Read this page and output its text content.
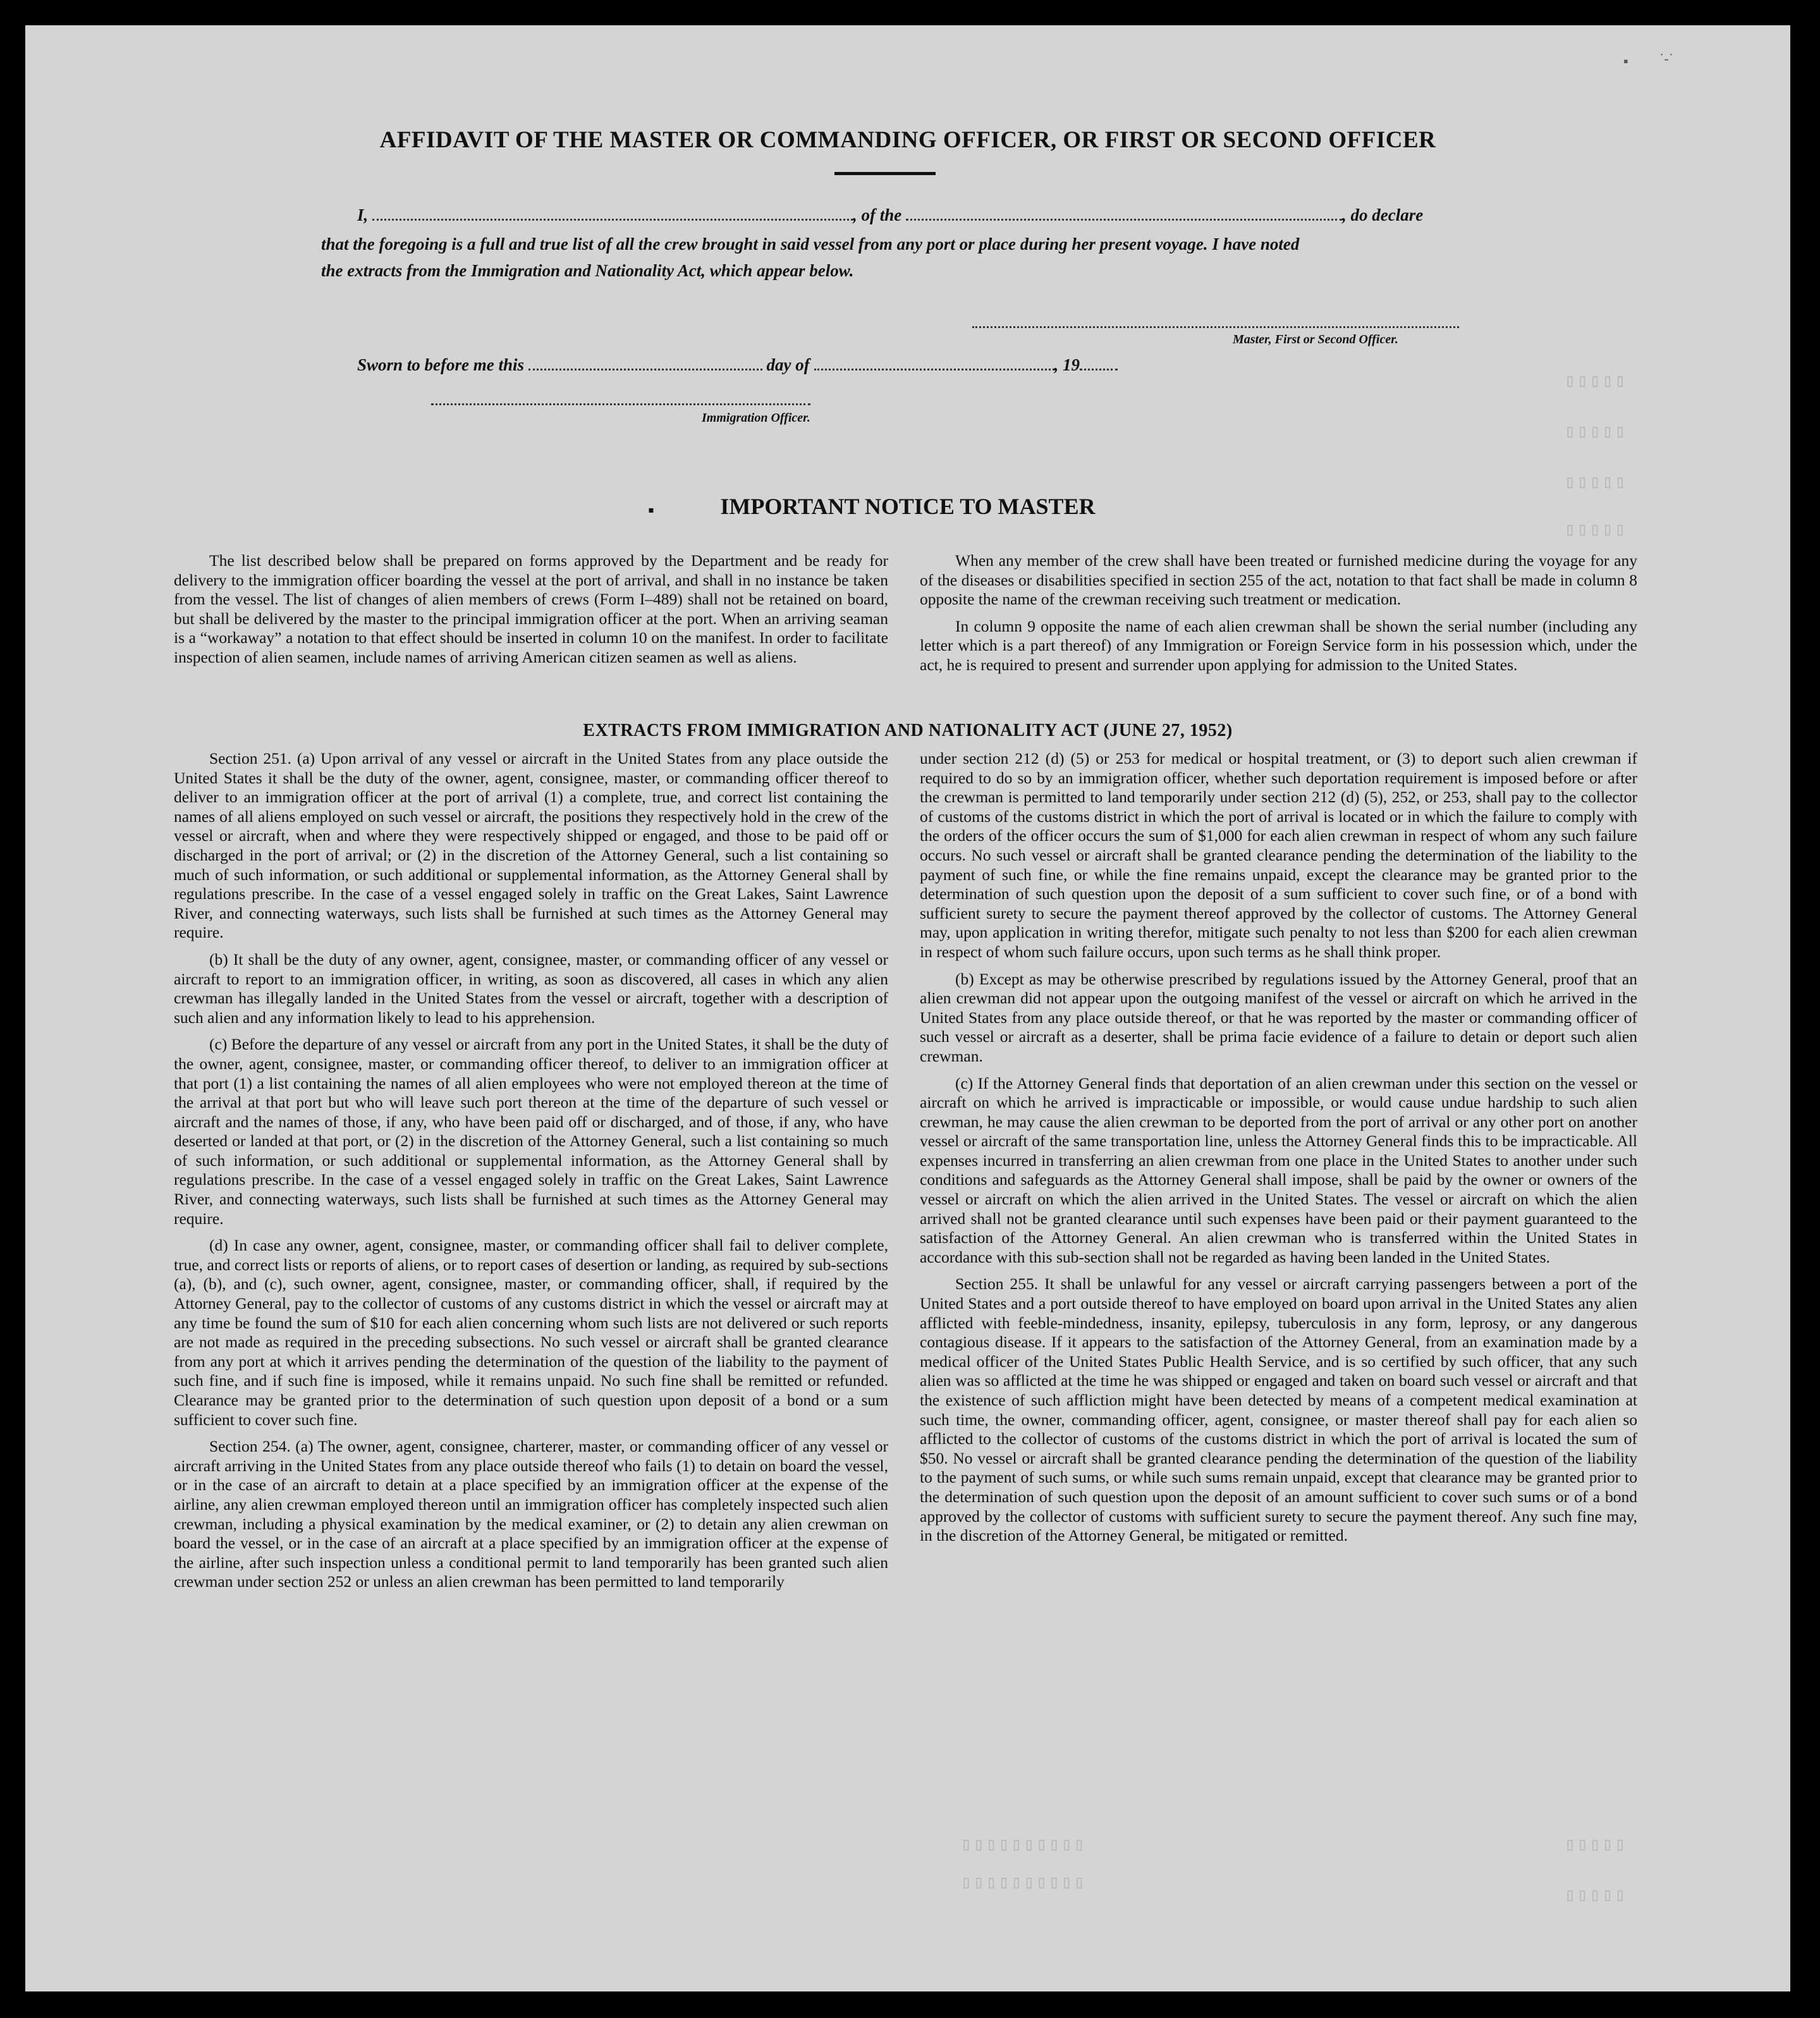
▯▯▯▯▯
▯▯▯▯▯
▯▯▯▯▯
▯▯▯▯▯
▯▯▯▯▯
▯▯▯▯▯
▯▯▯▯▯▯▯▯▯▯
▯▯▯▯▯▯▯▯▯▯
▪ ˙-˙
AFFIDAVIT OF THE MASTER OR COMMANDING OFFICER, OR FIRST OR SECOND OFFICER
I,	, of the	, do declare
that the foregoing is a full and true list of all the crew brought in said vessel from any port or place during her present voyage. I have noted
the extracts from the Immigration and Nationality Act, which appear below.
Master, First or Second Officer.
Sworn to before me this	day of	, 19
Immigration Officer.
▪	IMPORTANT NOTICE TO MASTER

The list described below shall be prepared on forms approved by the Department and be ready for delivery to the immigration officer boarding the vessel at the port of arrival, and shall in no instance be taken from the vessel. The list of changes of alien members of crews (Form I–489) shall not be retained on board, but shall be delivered by the master to the principal immigration officer at the port. When an arriving seaman is a “workaway” a notation to that effect should be inserted in column 10 on the manifest. In order to facilitate inspection of alien seamen, include names of arriving American citizen seamen as well as aliens.

When any member of the crew shall have been treated or furnished medicine during the voyage for any of the diseases or disabilities specified in section 255 of the act, notation to that fact shall be made in column 8 opposite the name of the crewman receiving such treatment or medication.

In column 9 opposite the name of each alien crewman shall be shown the serial number (including any letter which is a part thereof) of any Immigration or Foreign Service form in his possession which, under the act, he is required to present and surrender upon applying for admission to the United States.

EXTRACTS FROM IMMIGRATION AND NATIONALITY ACT (JUNE 27, 1952)

Section 251. (a) Upon arrival of any vessel or aircraft in the United States from any place outside the United States it shall be the duty of the owner, agent, consignee, master, or commanding officer thereof to deliver to an immigration officer at the port of arrival (1) a complete, true, and correct list containing the names of all aliens employed on such vessel or aircraft, the positions they respectively hold in the crew of the vessel or aircraft, when and where they were respectively shipped or engaged, and those to be paid off or discharged in the port of arrival; or (2) in the discretion of the Attorney General, such a list containing so much of such information, or such additional or supplemental information, as the Attorney General shall by regulations prescribe. In the case of a vessel engaged solely in traffic on the Great Lakes, Saint Lawrence River, and connecting waterways, such lists shall be furnished at such times as the Attorney General may require.

(b) It shall be the duty of any owner, agent, consignee, master, or commanding officer of any vessel or aircraft to report to an immigration officer, in writing, as soon as discovered, all cases in which any alien crewman has illegally landed in the United States from the vessel or aircraft, together with a description of such alien and any information likely to lead to his apprehension.

(c) Before the departure of any vessel or aircraft from any port in the United States, it shall be the duty of the owner, agent, consignee, master, or commanding officer thereof, to deliver to an immigration officer at that port (1) a list containing the names of all alien employees who were not employed thereon at the time of the arrival at that port but who will leave such port thereon at the time of the departure of such vessel or aircraft and the names of those, if any, who have been paid off or discharged, and of those, if any, who have deserted or landed at that port, or (2) in the discretion of the Attorney General, such a list containing so much of such information, or such additional or supplemental information, as the Attorney General shall by regulations prescribe. In the case of a vessel engaged solely in traffic on the Great Lakes, Saint Lawrence River, and connecting waterways, such lists shall be furnished at such times as the Attorney General may require.

(d) In case any owner, agent, consignee, master, or commanding officer shall fail to deliver complete, true, and correct lists or reports of aliens, or to report cases of desertion or landing, as required by sub-sections (a), (b), and (c), such owner, agent, consignee, master, or commanding officer, shall, if required by the Attorney General, pay to the collector of customs of any customs district in which the vessel or aircraft may at any time be found the sum of $10 for each alien concerning whom such lists are not delivered or such reports are not made as required in the preceding subsections. No such vessel or aircraft shall be granted clearance from any port at which it arrives pending the determination of the question of the liability to the payment of such fine, and if such fine is imposed, while it remains unpaid. No such fine shall be remitted or refunded. Clearance may be granted prior to the determination of such question upon deposit of a bond or a sum sufficient to cover such fine.

Section 254. (a) The owner, agent, consignee, charterer, master, or commanding officer of any vessel or aircraft arriving in the United States from any place outside thereof who fails (1) to detain on board the vessel, or in the case of an aircraft to detain at a place specified by an immigration officer at the expense of the airline, any alien crewman employed thereon until an immigration officer has completely inspected such alien crewman, including a physical examination by the medical examiner, or (2) to detain any alien crewman on board the vessel, or in the case of an aircraft at a place specified by an immigration officer at the expense of the airline, after such inspection unless a conditional permit to land temporarily has been granted such alien crewman under section 252 or unless an alien crewman has been permitted to land temporarily

under section 212 (d) (5) or 253 for medical or hospital treatment, or (3) to deport such alien crewman if required to do so by an immigration officer, whether such deportation requirement is imposed before or after the crewman is permitted to land temporarily under section 212 (d) (5), 252, or 253, shall pay to the collector of customs of the customs district in which the port of arrival is located or in which the failure to comply with the orders of the officer occurs the sum of $1,000 for each alien crewman in respect of whom any such failure occurs. No such vessel or aircraft shall be granted clearance pending the determination of the liability to the payment of such fine, or while the fine remains unpaid, except the clearance may be granted prior to the determination of such question upon the deposit of a sum sufficient to cover such fine, or of a bond with sufficient surety to secure the payment thereof approved by the collector of customs. The Attorney General may, upon application in writing therefor, mitigate such penalty to not less than $200 for each alien crewman in respect of whom such failure occurs, upon such terms as he shall think proper.

(b) Except as may be otherwise prescribed by regulations issued by the Attorney General, proof that an alien crewman did not appear upon the outgoing manifest of the vessel or aircraft on which he arrived in the United States from any place outside thereof, or that he was reported by the master or commanding officer of such vessel or aircraft as a deserter, shall be prima facie evidence of a failure to detain or deport such alien crewman.

(c) If the Attorney General finds that deportation of an alien crewman under this section on the vessel or aircraft on which he arrived is impracticable or impossible, or would cause undue hardship to such alien crewman, he may cause the alien crewman to be deported from the port of arrival or any other port on another vessel or aircraft of the same transportation line, unless the Attorney General finds this to be impracticable. All expenses incurred in transferring an alien crewman from one place in the United States to another under such conditions and safeguards as the Attorney General shall impose, shall be paid by the owner or owners of the vessel or aircraft on which the alien arrived in the United States. The vessel or aircraft on which the alien arrived shall not be granted clearance until such expenses have been paid or their payment guaranteed to the satisfaction of the Attorney General. An alien crewman who is transferred within the United States in accordance with this sub-section shall not be regarded as having been landed in the United States.

Section 255. It shall be unlawful for any vessel or aircraft carrying passengers between a port of the United States and a port outside thereof to have employed on board upon arrival in the United States any alien afflicted with feeble-mindedness, insanity, epilepsy, tuberculosis in any form, leprosy, or any dangerous contagious disease. If it appears to the satisfaction of the Attorney General, from an examination made by a medical officer of the United States Public Health Service, and is so certified by such officer, that any such alien was so afflicted at the time he was shipped or engaged and taken on board such vessel or aircraft and that the existence of such affliction might have been detected by means of a competent medical examination at such time, the owner, commanding officer, agent, consignee, or master thereof shall pay for each alien so afflicted to the collector of customs of the customs district in which the port of arrival is located the sum of $50. No vessel or aircraft shall be granted clearance pending the determination of the question of the liability to the payment of such sums, or while such sums remain unpaid, except that clearance may be granted prior to the determination of such question upon the deposit of an amount sufficient to cover such sums or of a bond approved by the collector of customs with sufficient surety to secure the payment thereof. Any such fine may, in the discretion of the Attorney General, be mitigated or remitted.
